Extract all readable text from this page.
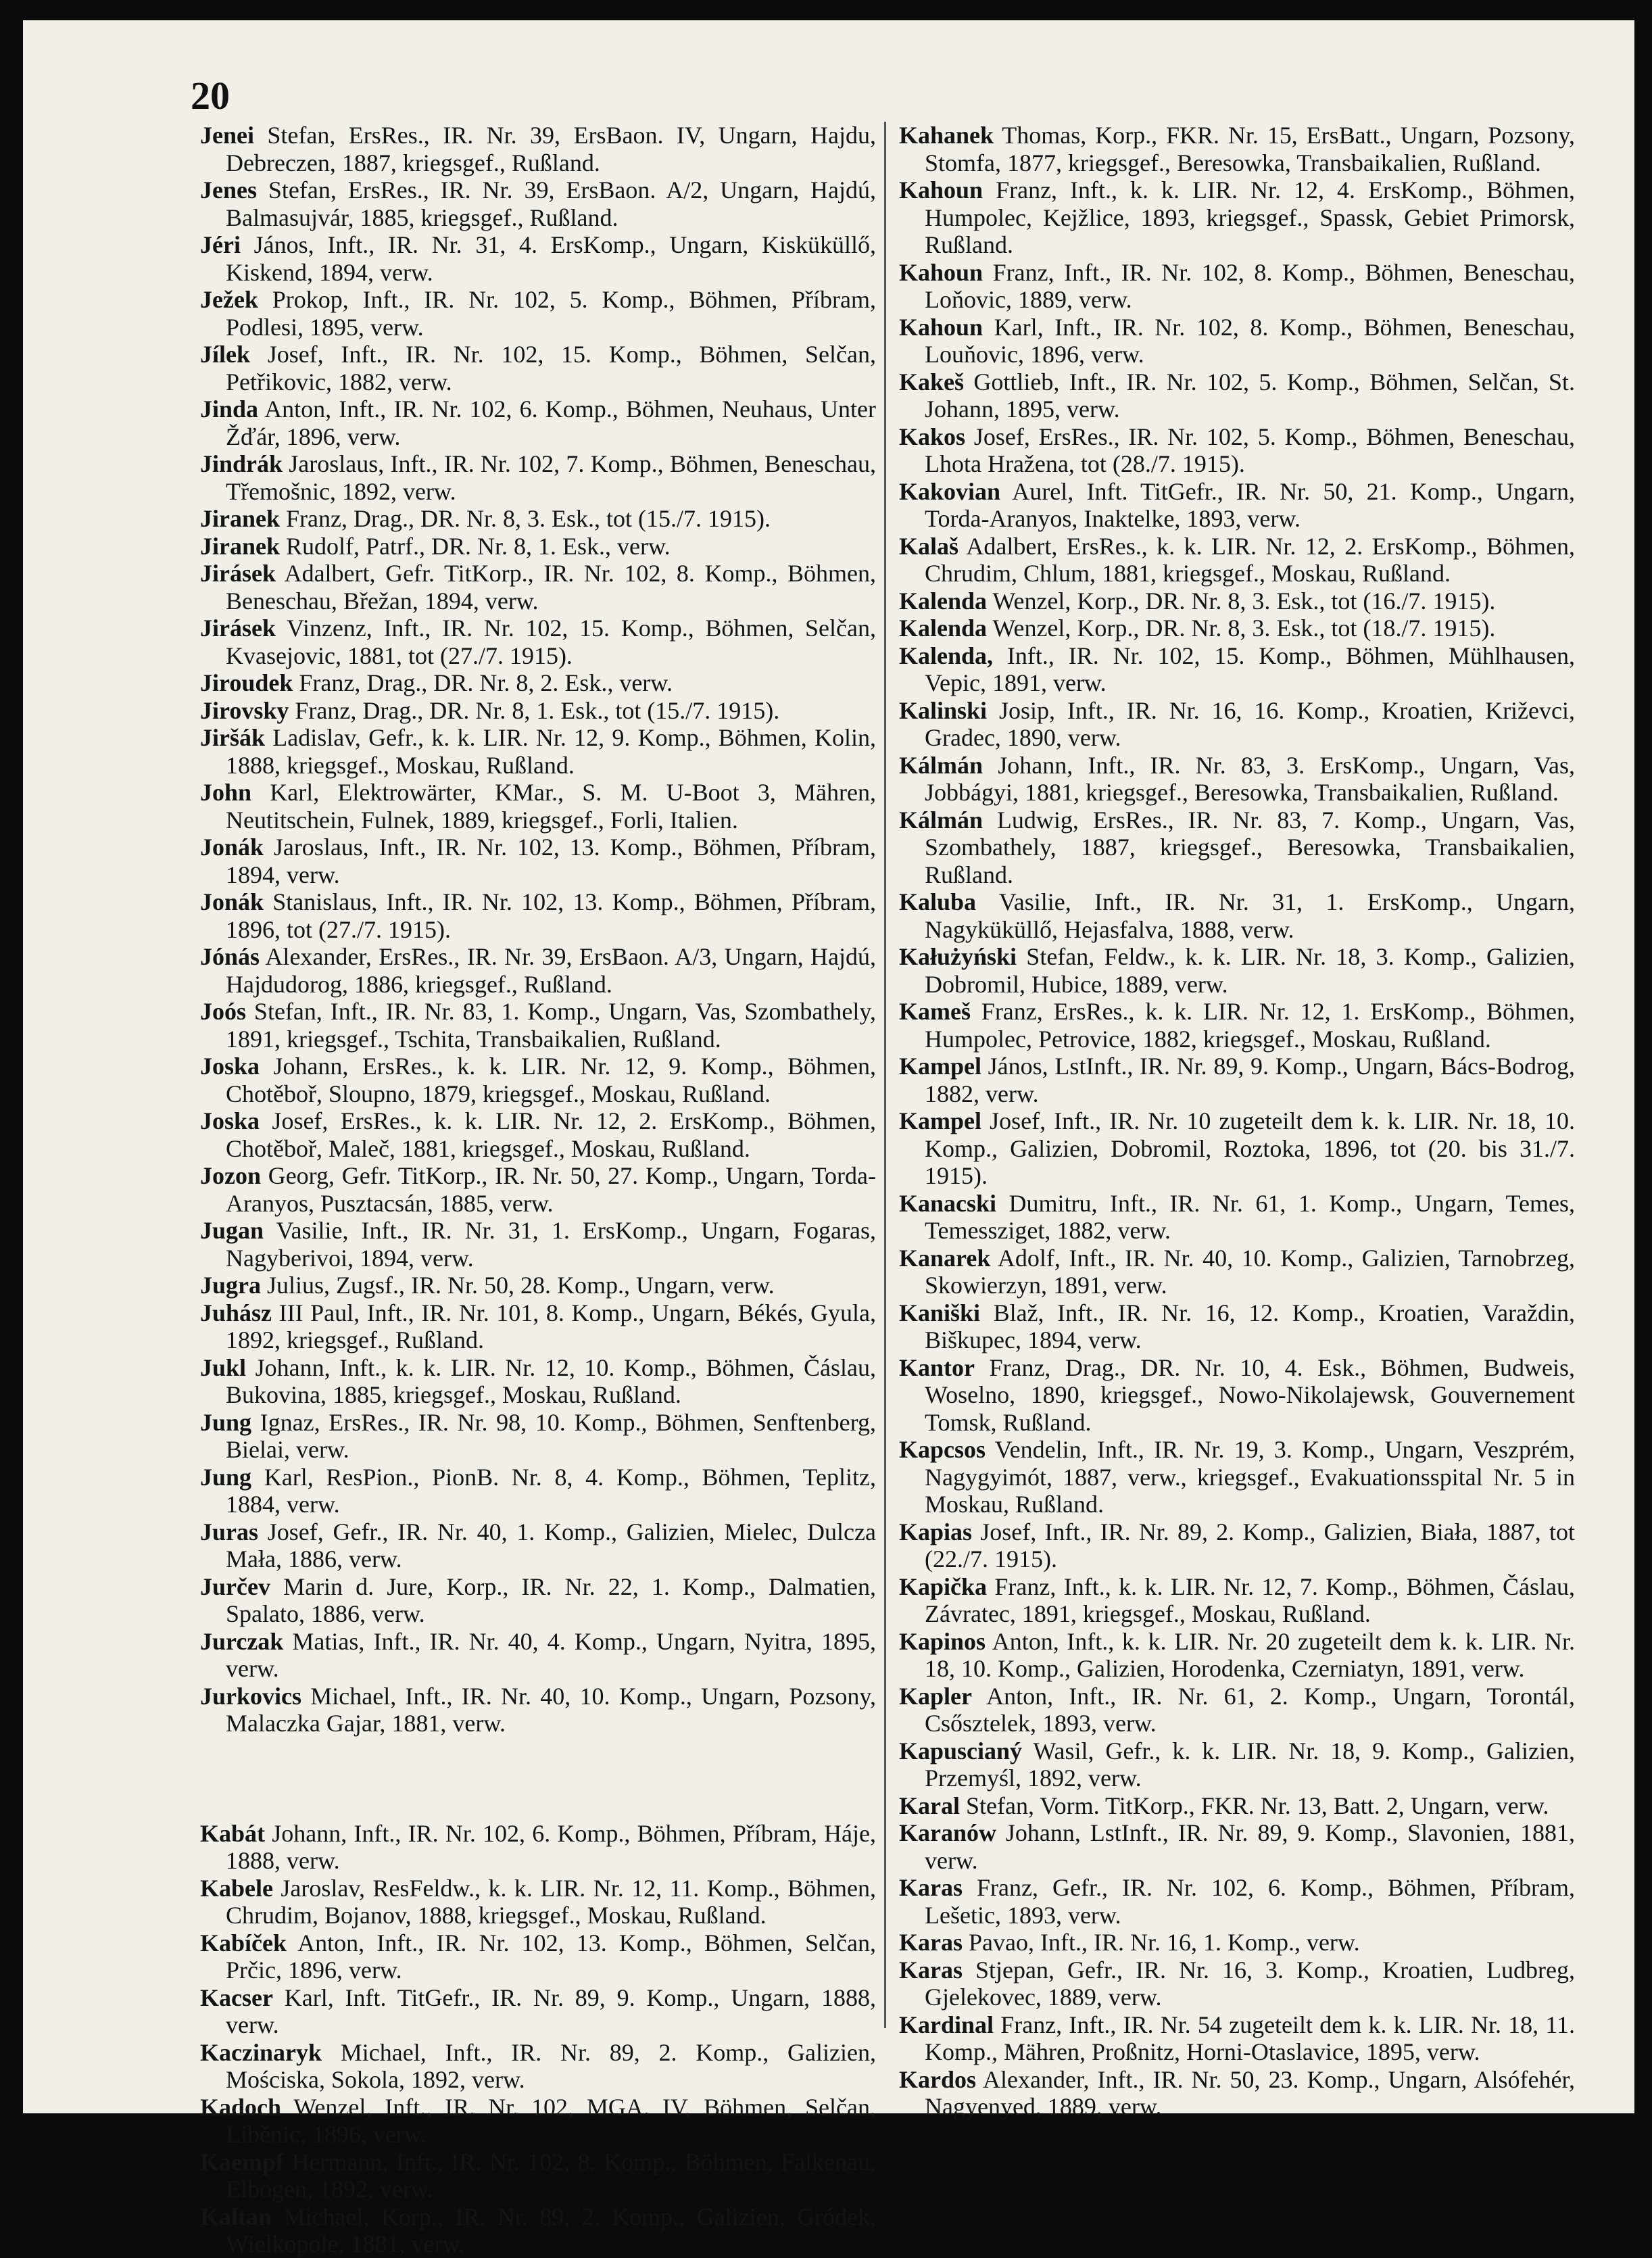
20

Jenei Stefan, ErsRes., IR. Nr. 39, ErsBaon. IV, Ungarn, Hajdu, Debreczen, 1887, kriegsgef., Rußland.

Jenes Stefan, ErsRes., IR. Nr. 39, ErsBaon. A/2, Ungarn, Hajdú, Balmasujvár, 1885, kriegsgef., Rußland.

Jéri János, Inft., IR. Nr. 31, 4. ErsKomp., Ungarn, Kisküküllő, Kiskend, 1894, verw.

Ježek Prokop, Inft., IR. Nr. 102, 5. Komp., Böhmen, Příbram, Podlesi, 1895, verw.

Jílek Josef, Inft., IR. Nr. 102, 15. Komp., Böhmen, Selčan, Petřikovic, 1882, verw.

Jinda Anton, Inft., IR. Nr. 102, 6. Komp., Böhmen, Neuhaus, Unter Žďár, 1896, verw.

Jindrák Jaroslaus, Inft., IR. Nr. 102, 7. Komp., Böhmen, Beneschau, Třemošnic, 1892, verw.

Jiranek Franz, Drag., DR. Nr. 8, 3. Esk., tot (15./7. 1915).

Jiranek Rudolf, Patrf., DR. Nr. 8, 1. Esk., verw.

Jirásek Adalbert, Gefr. TitKorp., IR. Nr. 102, 8. Komp., Böhmen, Beneschau, Břežan, 1894, verw.

Jirásek Vinzenz, Inft., IR. Nr. 102, 15. Komp., Böhmen, Selčan, Kvasejovic, 1881, tot (27./7. 1915).

Jiroudek Franz, Drag., DR. Nr. 8, 2. Esk., verw.

Jirovsky Franz, Drag., DR. Nr. 8, 1. Esk., tot (15./7. 1915).

Jiršák Ladislav, Gefr., k. k. LIR. Nr. 12, 9. Komp., Böhmen, Kolin, 1888, kriegsgef., Moskau, Rußland.

John Karl, Elektrowärter, KMar., S. M. U-Boot 3, Mähren, Neutitschein, Fulnek, 1889, kriegsgef., Forli, Italien.

Jonák Jaroslaus, Inft., IR. Nr. 102, 13. Komp., Böhmen, Příbram, 1894, verw.

Jonák Stanislaus, Inft., IR. Nr. 102, 13. Komp., Böhmen, Příbram, 1896, tot (27./7. 1915).

Jónás Alexander, ErsRes., IR. Nr. 39, ErsBaon. A/3, Ungarn, Hajdú, Hajdudorog, 1886, kriegsgef., Rußland.

Joós Stefan, Inft., IR. Nr. 83, 1. Komp., Ungarn, Vas, Szombathely, 1891, kriegsgef., Tschita, Transbaikalien, Rußland.

Joska Johann, ErsRes., k. k. LIR. Nr. 12, 9. Komp., Böhmen, Chotěboř, Sloupno, 1879, kriegsgef., Moskau, Rußland.

Joska Josef, ErsRes., k. k. LIR. Nr. 12, 2. ErsKomp., Böhmen, Chotěboř, Maleč, 1881, kriegsgef., Moskau, Rußland.

Jozon Georg, Gefr. TitKorp., IR. Nr. 50, 27. Komp., Ungarn, Torda-Aranyos, Pusztacsán, 1885, verw.

Jugan Vasilie, Inft., IR. Nr. 31, 1. ErsKomp., Ungarn, Fogaras, Nagyberivoi, 1894, verw.

Jugra Julius, Zugsf., IR. Nr. 50, 28. Komp., Ungarn, verw.

Juhász III Paul, Inft., IR. Nr. 101, 8. Komp., Ungarn, Békés, Gyula, 1892, kriegsgef., Rußland.

Jukl Johann, Inft., k. k. LIR. Nr. 12, 10. Komp., Böhmen, Čáslau, Bukovina, 1885, kriegsgef., Moskau, Rußland.

Jung Ignaz, ErsRes., IR. Nr. 98, 10. Komp., Böhmen, Senftenberg, Bielai, verw.

Jung Karl, ResPion., PionB. Nr. 8, 4. Komp., Böhmen, Teplitz, 1884, verw.

Juras Josef, Gefr., IR. Nr. 40, 1. Komp., Galizien, Mielec, Dulcza Mała, 1886, verw.

Jurčev Marin d. Jure, Korp., IR. Nr. 22, 1. Komp., Dalmatien, Spalato, 1886, verw.

Jurczak Matias, Inft., IR. Nr. 40, 4. Komp., Ungarn, Nyitra, 1895, verw.

Jurkovics Michael, Inft., IR. Nr. 40, 10. Komp., Ungarn, Pozsony, Malaczka Gajar, 1881, verw.

Kabát Johann, Inft., IR. Nr. 102, 6. Komp., Böhmen, Příbram, Háje, 1888, verw.

Kabele Jaroslav, ResFeldw., k. k. LIR. Nr. 12, 11. Komp., Böhmen, Chrudim, Bojanov, 1888, kriegsgef., Moskau, Rußland.

Kabíček Anton, Inft., IR. Nr. 102, 13. Komp., Böhmen, Selčan, Prčic, 1896, verw.

Kacser Karl, Inft. TitGefr., IR. Nr. 89, 9. Komp., Ungarn, 1888, verw.

Kaczinaryk Michael, Inft., IR. Nr. 89, 2. Komp., Galizien, Mościska, Sokola, 1892, verw.

Kadoch Wenzel, Inft., IR. Nr. 102, MGA. IV, Böhmen, Selčan, Liběnic, 1896, verw.

Kaempf Hermann, Inft., IR. Nr. 102, 8. Komp., Böhmen, Falkenau, Elbogen, 1892, verw.

Kaltan Michael, Korp., IR. Nr. 89, 2. Komp., Galizien, Gródek, Wielkopole, 1881, verw.

Kahanek Thomas, Korp., FKR. Nr. 15, ErsBatt., Ungarn, Pozsony, Stomfa, 1877, kriegsgef., Beresowka, Transbaikalien, Rußland.

Kahoun Franz, Inft., k. k. LIR. Nr. 12, 4. ErsKomp., Böhmen, Humpolec, Kejžlice, 1893, kriegsgef., Spassk, Gebiet Primorsk, Rußland.

Kahoun Franz, Inft., IR. Nr. 102, 8. Komp., Böhmen, Beneschau, Loňovic, 1889, verw.

Kahoun Karl, Inft., IR. Nr. 102, 8. Komp., Böhmen, Beneschau, Louňovic, 1896, verw.

Kakeš Gottlieb, Inft., IR. Nr. 102, 5. Komp., Böhmen, Selčan, St. Johann, 1895, verw.

Kakos Josef, ErsRes., IR. Nr. 102, 5. Komp., Böhmen, Beneschau, Lhota Hražena, tot (28./7. 1915).

Kakovian Aurel, Inft. TitGefr., IR. Nr. 50, 21. Komp., Ungarn, Torda-Aranyos, Inaktelke, 1893, verw.

Kalaš Adalbert, ErsRes., k. k. LIR. Nr. 12, 2. ErsKomp., Böhmen, Chrudim, Chlum, 1881, kriegsgef., Moskau, Rußland.

Kalenda Wenzel, Korp., DR. Nr. 8, 3. Esk., tot (16./7. 1915).

Kalenda Wenzel, Korp., DR. Nr. 8, 3. Esk., tot (18./7. 1915).

Kalenda, Inft., IR. Nr. 102, 15. Komp., Böhmen, Mühlhausen, Vepic, 1891, verw.

Kalinski Josip, Inft., IR. Nr. 16, 16. Komp., Kroatien, Križevci, Gradec, 1890, verw.

Kálmán Johann, Inft., IR. Nr. 83, 3. ErsKomp., Ungarn, Vas, Jobbágyi, 1881, kriegsgef., Beresowka, Transbaikalien, Rußland.

Kálmán Ludwig, ErsRes., IR. Nr. 83, 7. Komp., Ungarn, Vas, Szombathely, 1887, kriegsgef., Beresowka, Transbaikalien, Rußland.

Kaluba Vasilie, Inft., IR. Nr. 31, 1. ErsKomp., Ungarn, Nagyküküllő, Hejasfalva, 1888, verw.

Kałużyński Stefan, Feldw., k. k. LIR. Nr. 18, 3. Komp., Galizien, Dobromil, Hubice, 1889, verw.

Kameš Franz, ErsRes., k. k. LIR. Nr. 12, 1. ErsKomp., Böhmen, Humpolec, Petrovice, 1882, kriegsgef., Moskau, Rußland.

Kampel János, LstInft., IR. Nr. 89, 9. Komp., Ungarn, Bács-Bodrog, 1882, verw.

Kampel Josef, Inft., IR. Nr. 10 zugeteilt dem k. k. LIR. Nr. 18, 10. Komp., Galizien, Dobromil, Roztoka, 1896, tot (20. bis 31./7. 1915).

Kanacski Dumitru, Inft., IR. Nr. 61, 1. Komp., Ungarn, Temes, Temessziget, 1882, verw.

Kanarek Adolf, Inft., IR. Nr. 40, 10. Komp., Galizien, Tarnobrzeg, Skowierzyn, 1891, verw.

Kaniški Blaž, Inft., IR. Nr. 16, 12. Komp., Kroatien, Varaždin, Biškupec, 1894, verw.

Kantor Franz, Drag., DR. Nr. 10, 4. Esk., Böhmen, Budweis, Woselno, 1890, kriegsgef., Nowo-Nikolajewsk, Gouvernement Tomsk, Rußland.

Kapcsos Vendelin, Inft., IR. Nr. 19, 3. Komp., Ungarn, Veszprém, Nagygyimót, 1887, verw., kriegsgef., Evakuationsspital Nr. 5 in Moskau, Rußland.

Kapias Josef, Inft., IR. Nr. 89, 2. Komp., Galizien, Biała, 1887, tot (22./7. 1915).

Kapička Franz, Inft., k. k. LIR. Nr. 12, 7. Komp., Böhmen, Čáslau, Závratec, 1891, kriegsgef., Moskau, Rußland.

Kapinos Anton, Inft., k. k. LIR. Nr. 20 zugeteilt dem k. k. LIR. Nr. 18, 10. Komp., Galizien, Horodenka, Czerniatyn, 1891, verw.

Kapler Anton, Inft., IR. Nr. 61, 2. Komp., Ungarn, Torontál, Csősztelek, 1893, verw.

Kapuscianý Wasil, Gefr., k. k. LIR. Nr. 18, 9. Komp., Galizien, Przemyśl, 1892, verw.

Karal Stefan, Vorm. TitKorp., FKR. Nr. 13, Batt. 2, Ungarn, verw.

Karanów Johann, LstInft., IR. Nr. 89, 9. Komp., Slavonien, 1881, verw.

Karas Franz, Gefr., IR. Nr. 102, 6. Komp., Böhmen, Příbram, Lešetic, 1893, verw.

Karas Pavao, Inft., IR. Nr. 16, 1. Komp., verw.

Karas Stjepan, Gefr., IR. Nr. 16, 3. Komp., Kroatien, Ludbreg, Gjelekovec, 1889, verw.

Kardinal Franz, Inft., IR. Nr. 54 zugeteilt dem k. k. LIR. Nr. 18, 11. Komp., Mähren, Proßnitz, Horni-Otaslavice, 1895, verw.

Kardos Alexander, Inft., IR. Nr. 50, 23. Komp., Ungarn, Alsófehér, Nagyenyed, 1889, verw.
